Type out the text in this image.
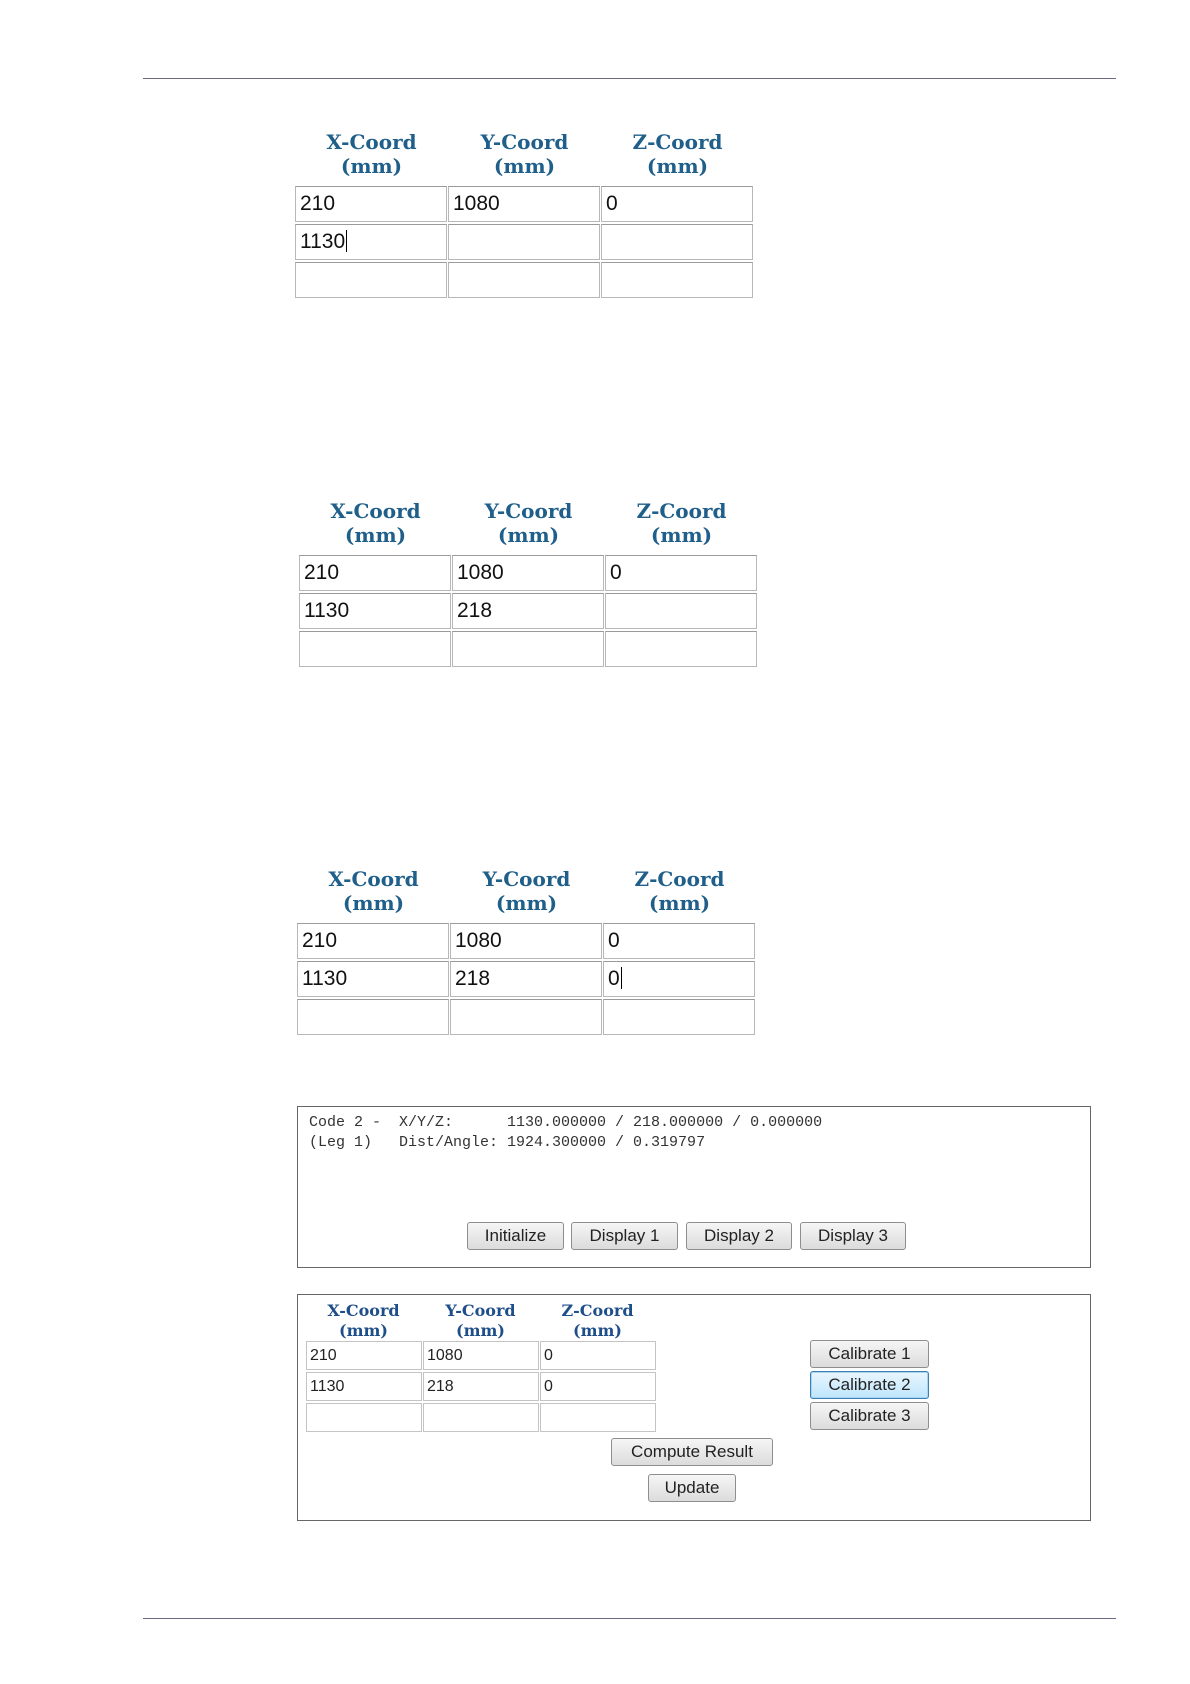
X-Coord
(mm)
Y-Coord
(mm)
Z-Coord
(mm)
210	1080	0
1130
X-Coord
(mm)
Y-Coord
(mm)
Z-Coord
(mm)
210	1080	0
1130	218
X-Coord
(mm)
Y-Coord
(mm)
Z-Coord
(mm)
210	1080	0
1130	218	0
Code 2 -  X/Y/Z:      1130.000000 / 218.000000 / 0.000000
(Leg 1)   Dist/Angle: 1924.300000 / 0.319797
Initialize	Display 1	Display 2	Display 3
X-Coord
(mm)
Y-Coord
(mm)
Z-Coord
(mm)
210	1080	0
1130	218	0
Calibrate 1
Calibrate 2
Calibrate 3
Compute Result
Update
